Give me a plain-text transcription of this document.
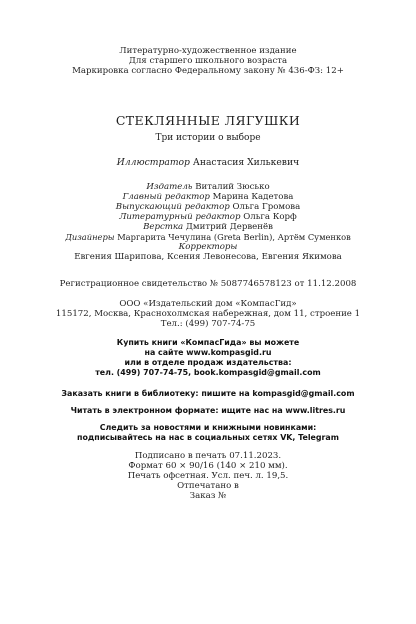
Литературно-художественное издание
Для старшего школьного возраста
Маркировка согласно Федеральному закону № 436-ФЗ: 12+
СТЕКЛЯННЫЕ ЛЯГУШКИ
Три истории о выборе
Иллюстратор Анастасия Хилькевич
Издатель Виталий Зюсько
Главный редактор Марина Кадетова
Выпускающий редактор Ольга Громова
Литературный редактор Ольга Корф
Верстка Дмитрий Дервенёв
Дизайнеры Маргарита Чечулина (Greta Berlin), Артём Суменков
Корректоры
Евгения Шарипова, Ксения Левонесова, Евгения Якимова
Регистрационное свидетельство № 5087746578123 от 11.12.2008
ООО «Издательский дом «КомпасГид»
115172, Москва, Краснохолмская набережная, дом 11, строение 1
Тел.: (499) 707-74-75
Купить книги «КомпасГида» вы можете
на сайте www.kompasgid.ru
или в отделе продаж издательства:
тел. (499) 707-74-75, book.kompasgid@gmail.com
Заказать книги в библиотеку: пишите на kompasgid@gmail.com
Читать в электронном формате: ищите нас на www.litres.ru
Следить за новостями и книжными новинками:
подписывайтесь на нас в социальных сетях VK, Telegram
Подписано в печать 07.11.2023.
Формат 60 × 90/16 (140 × 210 мм).
Печать офсетная. Усл. печ. л. 19,5.
Отпечатано в
Заказ №
